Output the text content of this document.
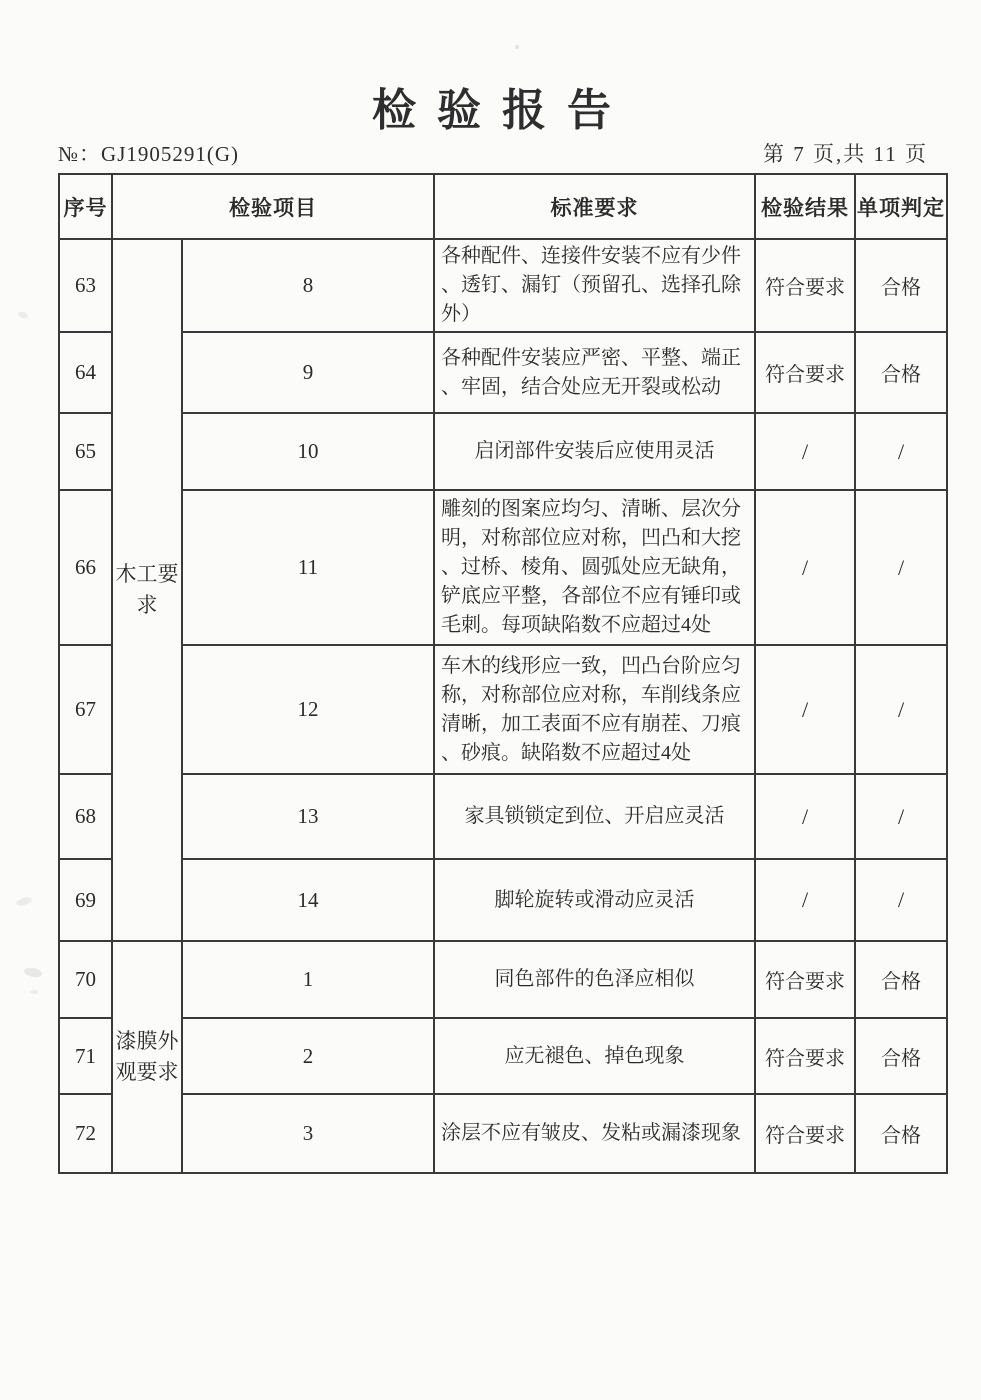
检验报告
№：GJ1905291(G)	第 7 页,共 11 页
序号	检验项目		标准要求	检验结果	单项判定
63	木工要求	8	各种配件、连接件安装不应有少件、透钉、漏钉（预留孔、选择孔除外）	符合要求	合格
64		9	各种配件安装应严密、平整、端正、牢固，结合处应无开裂或松动	符合要求	合格
65		10	启闭部件安装后应使用灵活	/	/
66		11	雕刻的图案应均匀、清晰、层次分明，对称部位应对称，凹凸和大挖、过桥、棱角、圆弧处应无缺角，铲底应平整，各部位不应有锤印或毛刺。每项缺陷数不应超过4处	/	/
67		12	车木的线形应一致，凹凸台阶应匀称，对称部位应对称，车削线条应清晰，加工表面不应有崩茬、刀痕、砂痕。缺陷数不应超过4处	/	/
68		13	家具锁锁定到位、开启应灵活	/	/
69		14	脚轮旋转或滑动应灵活	/	/
70	漆膜外观要求	1	同色部件的色泽应相似	符合要求	合格
71		2	应无褪色、掉色现象	符合要求	合格
72		3	涂层不应有皱皮、发粘或漏漆现象	符合要求	合格
